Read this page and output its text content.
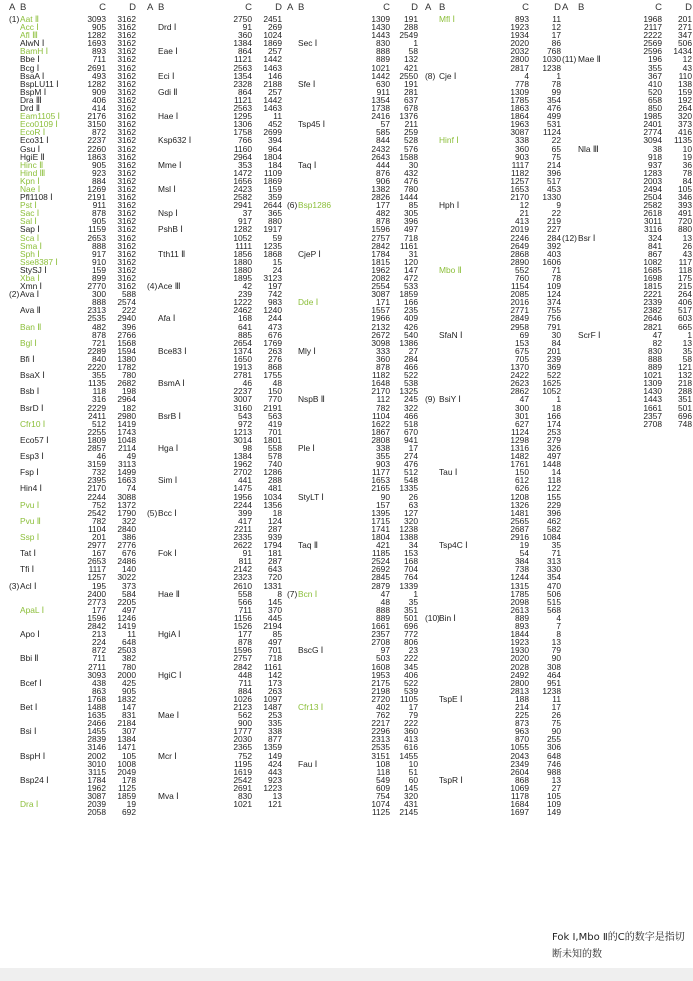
A B	C	D
(1) Aat Ⅱ	3093	3162
Acc Ⅰ	905	3162
Afl Ⅲ	1282	3162
AlwN Ⅰ	1693	3162
BamH Ⅰ	893	3162
Bbe Ⅰ	711	3162
Bcg Ⅰ	2691	3162
BsaA Ⅰ	493	3162
BspLU11 Ⅰ	1282	3162
BspM Ⅰ	909	3162
Dra Ⅲ	406	3162
Drd Ⅱ	414	3162
Eam1105 Ⅰ	2176	3162
Eco0109 Ⅰ	3150	3162
EcoR Ⅰ	872	3162
Eco31 Ⅰ	2237	3162
Gsu Ⅰ	2260	3162
HgiE Ⅱ	1863	3162
Hinc Ⅱ	905	3162
Hind Ⅲ	923	3162
Kpn Ⅰ	884	3162
Nae Ⅰ	1269	3162
Pfl1108 Ⅰ	2191	3162
Pst Ⅰ	911	3162
Sac Ⅰ	878	3162
Sal Ⅰ	905	3162
Sap Ⅰ	1159	3162
Sca Ⅰ	2653	3162
Sma Ⅰ	888	3162
Sph Ⅰ	917	3162
Sse8387 Ⅰ	910	3162
StySJ Ⅰ	159	3162
Xba Ⅰ	899	3162
Xmn Ⅰ	2770	3162
(2) Ava Ⅰ	300	588
888	2574
Ava Ⅱ	2313	222
2535	2940
Ban Ⅱ	482	396
878	2766
Bgl Ⅰ	721	1568
2289	1594
Bfi Ⅰ	840	1380
2220	1782
BsaX Ⅰ	355	780
1135	2682
Bsb Ⅰ	118	198
316	2964
BsrD Ⅰ	2229	182
2411	2980
Cfr10 Ⅰ	512	1419
2255	1743
Eco57 Ⅰ	1809	1048
2857	2114
Esp3 Ⅰ	46	49
3159	3113
Fsp Ⅰ	732	1499
2395	1663
Hin4 Ⅰ	2170	74
2244	3088
Pvu Ⅰ	752	1372
2542	1790
Pvu Ⅱ	782	322
1104	2840
Ssp Ⅰ	201	386
2977	2776
Tat Ⅰ	167	676
2653	2486
Tfi Ⅰ	1117	140
1257	3022
(3) Acl Ⅰ	195	373
2400	584
2773	2205
ApaL Ⅰ	177	497
1596	1246
2842	1419
Apo Ⅰ	213	11
224	648
872	2503
Bbi Ⅱ	711	382
2711	780
3093	2000
Bcef Ⅰ	438	425
863	905
1768	1832
Bet Ⅰ	1488	147
1635	831
2466	2184
Bsi Ⅰ	1455	307
2839	1384
3146	1471
BspH Ⅰ	2002	105
3010	1008
3115	2049
Bsp24 Ⅰ	1784	178
1962	1125
3087	1859
Dra Ⅰ	2039	19
2058	692
A B	C	D
2750	2451
Drd Ⅰ	91	269
360	1024
1384	1869
Eae Ⅰ	864	257
1121	1442
2563	1463
Eci Ⅰ	1354	146
2328	2188
Gdi Ⅱ	864	257
1121	1442
2563	1463
Hae Ⅰ	1295	11
1306	452
1758	2699
Ksp632 Ⅰ	766	394
1160	964
2964	1804
Mme Ⅰ	353	184
1472	1109
1656	1869
Msl Ⅰ	2423	159
2582	359
2941	2644
Nsp Ⅰ	37	365
917	880
PshB Ⅰ	1282	1917
1052	59
1111	1235
Tth11 Ⅱ	1856	1868
1880	15
1880	24
1895	3123
(4) Ace Ⅲ	42	197
239	742
1222	983
2462	1240
Afa Ⅰ	168	244
641	473
885	676
2654	1769
Bce83 Ⅰ	1374	263
1650	276
1913	868
2781	1755
BsmA Ⅰ	46	48
2237	150
3007	770
3160	2191
BsrB Ⅰ	543	563
972	419
1213	701
3014	1801
Hga Ⅰ	98	558
1384	578
1962	740
2702	1286
Sim Ⅰ	441	288
1475	481
1956	1034
2244	1356
(5) Bcc Ⅰ	399	18
417	124
2211	287
2335	939
2622	1794
Fok Ⅰ	91	181
811	287
2142	643
2323	720
2610	1331
Hae Ⅱ	558	8
566	145
711	370
1156	445
1526	2194
HgiA Ⅰ	177	85
878	497
1596	701
2757	718
2842	1161
HgiC Ⅰ	448	142
711	173
884	263
1026	1097
2123	1487
Mae Ⅰ	562	253
900	335
1777	338
2030	877
2365	1359
Mcr Ⅰ	752	149
1195	424
1619	443
2542	923
2691	1223
Mva Ⅰ	830	13
1021	121
A B	C	D
1309	191
1430	288
1443	2549
Sec Ⅰ	830	1
888	58
889	132
1021	421
1442	2550
Sfe Ⅰ	630	191
911	281
1354	637
1738	678
2416	1376
Tsp45 Ⅰ	57	211
585	259
844	528
2432	576
2643	1588
Taq Ⅰ	444	30
876	432
906	476
1382	780
2826	1444
(6) Bsp1286	177	85
482	305
878	396
1596	497
2757	718
2842	1161
CjeP Ⅰ	1784	31
1815	120
1962	147
2082	472
2554	533
3087	1859
Dde Ⅰ	171	166
1557	235
1966	409
2132	426
2672	540
3098	1386
Mly Ⅰ	333	27
360	284
878	466
1182	522
1648	538
2170	1325
NspB Ⅱ	112	245
782	322
1104	466
1622	518
1867	670
2808	941
Ple Ⅰ	338	17
355	274
903	476
1177	512
1653	548
2165	1335
StyLT Ⅰ	90	26
157	63
1395	127
1715	320
1741	1238
1804	1388
Taq Ⅱ	421	34
1185	153
2524	168
2692	704
2845	764
2879	1339
(7) Bcn Ⅰ	47	1
48	35
888	351
889	501
1661	696
2357	772
2708	806
BscG Ⅰ	97	23
503	222
1608	345
1953	406
2175	522
2198	539
2720	1105
Cfr13 Ⅰ	402	17
762	79
2217	222
2296	360
2313	413
2535	616
3151	1455
Fau Ⅰ	108	10
118	51
549	60
609	145
754	320
1074	431
1125	2145
A B	C	D
Mfl Ⅰ	893	11
1923	12
1934	17
2020	86
2032	768
2800	1030
2817	1238
(8) Cje Ⅰ	4	1
778	78
1309	99
1785	354
1863	476
1864	499
1963	531
3087	1124
Hinf Ⅰ	338	22
360	65
903	75
1117	214
1182	396
1257	517
1653	453
2170	1330
Hph Ⅰ	12	9
21	22
413	219
2019	227
2246	284
2649	392
2868	403
2890	1606
Mbo Ⅱ	552	71
760	78
1154	109
2085	124
2016	374
2771	755
2849	756
2958	791
SfaN Ⅰ	69	30
153	84
675	201
705	239
1370	369
2422	522
2623	1625
2862	1052
(9) BsiY Ⅰ	47	1
300	18
301	166
627	174
1124	253
1298	279
1316	326
1482	497
1761	1448
Tau Ⅰ	150	14
612	118
626	122
1208	155
1326	229
1481	396
2565	462
2687	582
2916	1084
Tsp4C Ⅰ	19	35
54	71
384	313
738	330
1244	354
1315	470
1785	506
2098	515
2613	568
(10) Bin Ⅰ	889	4
893	7
1844	8
1923	13
1930	79
2020	90
2028	308
2492	464
2800	951
2813	1238
TspE Ⅰ	188	11
214	17
225	26
873	75
963	90
870	255
1055	306
2043	648
2349	746
2604	988
TspR Ⅰ	868	13
1069	27
1178	105
1684	109
1697	149
A	B	C	D
1968	201
2117	271
2222	347
2569	506
2596	1434
(11) Mae Ⅱ	196	12
355	43
367	110
410	138
520	159
658	192
850	264
1985	320
2401	373
2774	416
3094	1135
Nla Ⅲ	38	10
918	19
937	36
1283	78
2003	84
2494	105
2504	346
2582	393
2618	491
3011	720
3116	880
(12) Bsr Ⅰ	324	13
841	26
867	43
1082	117
1685	118
1698	175
1815	215
2221	264
2339	406
2382	517
2646	603
2821	665
ScrF Ⅰ	47	1
82	13
830	35
888	58
889	121
1021	132
1309	218
1430	288
1443	351
1661	501
2357	696
2708	748
Fok Ⅰ,Mbo Ⅱ的C的数字是指切断未知的数
